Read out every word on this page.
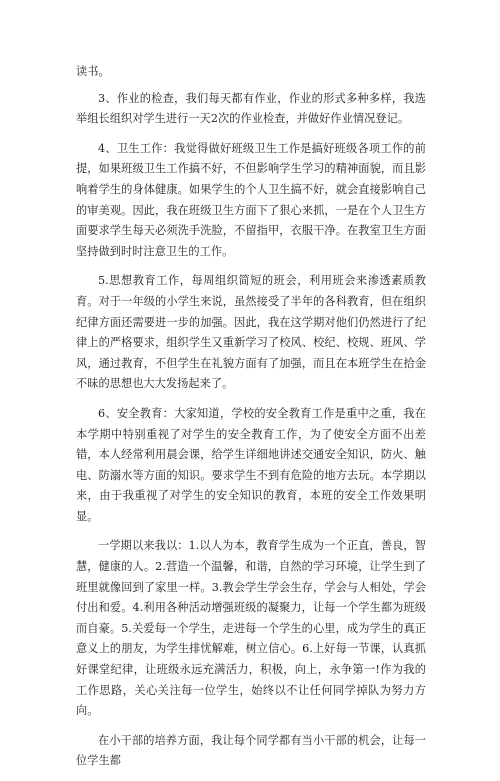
读书。

3、作业的检查，我们每天都有作业，作业的形式多种多样，我选举组长组织对学生进行一天2次的作业检查，并做好作业情况登记。

4、卫生工作：我觉得做好班级卫生工作是搞好班级各项工作的前提，如果班级卫生工作搞不好，不但影响学生学习的精神面貌，而且影响着学生的身体健康。如果学生的个人卫生搞不好，就会直接影响自己的审美观。因此，我在班级卫生方面下了狠心来抓，一是在个人卫生方面要求学生每天必须洗手洗脸，不留指甲，衣服干净。在教室卫生方面坚持做到时时注意卫生的工作。

5.思想教育工作，每周组织简短的班会，利用班会来渗透素质教育。对于一年级的小学生来说，虽然接受了半年的各科教育，但在组织纪律方面还需要进一步的加强。因此，我在这学期对他们仍然进行了纪律上的严格要求，组织学生又重新学习了校风、校纪、校规、班风、学风，通过教育，不但学生在礼貌方面有了加强，而且在本班学生在拾金不昧的思想也大大发扬起来了。

6、安全教育：大家知道，学校的安全教育工作是重中之重，我在本学期中特别重视了对学生的安全教育工作，为了使安全方面不出差错，本人经常利用晨会课，给学生详细地讲述交通安全知识，防火、触电、防溺水等方面的知识。要求学生不到有危险的地方去玩。本学期以来，由于我重视了对学生的安全知识的教育，本班的安全工作效果明显。

一学期以来我以：1.以人为本，教育学生成为一个正直，善良，智慧，健康的人。2.营造一个温馨，和谐，自然的学习环境，让学生到了班里就像回到了家里一样。3.教会学生学会生存，学会与人相处，学会付出和爱。4.利用各种活动增强班级的凝聚力，让每一个学生都为班级而自豪。5.关爱每一个学生，走进每一个学生的心里，成为学生的真正意义上的朋友，为学生排忧解难，树立信心。6.上好每一节课，认真抓好课堂纪律，让班级永远充满活力，积极，向上，永争第一!作为我的工作思路，关心关注每一位学生，始终以不让任何同学掉队为努力方向。

在小干部的培养方面，我让每个同学都有当小干部的机会，让每一位学生都
